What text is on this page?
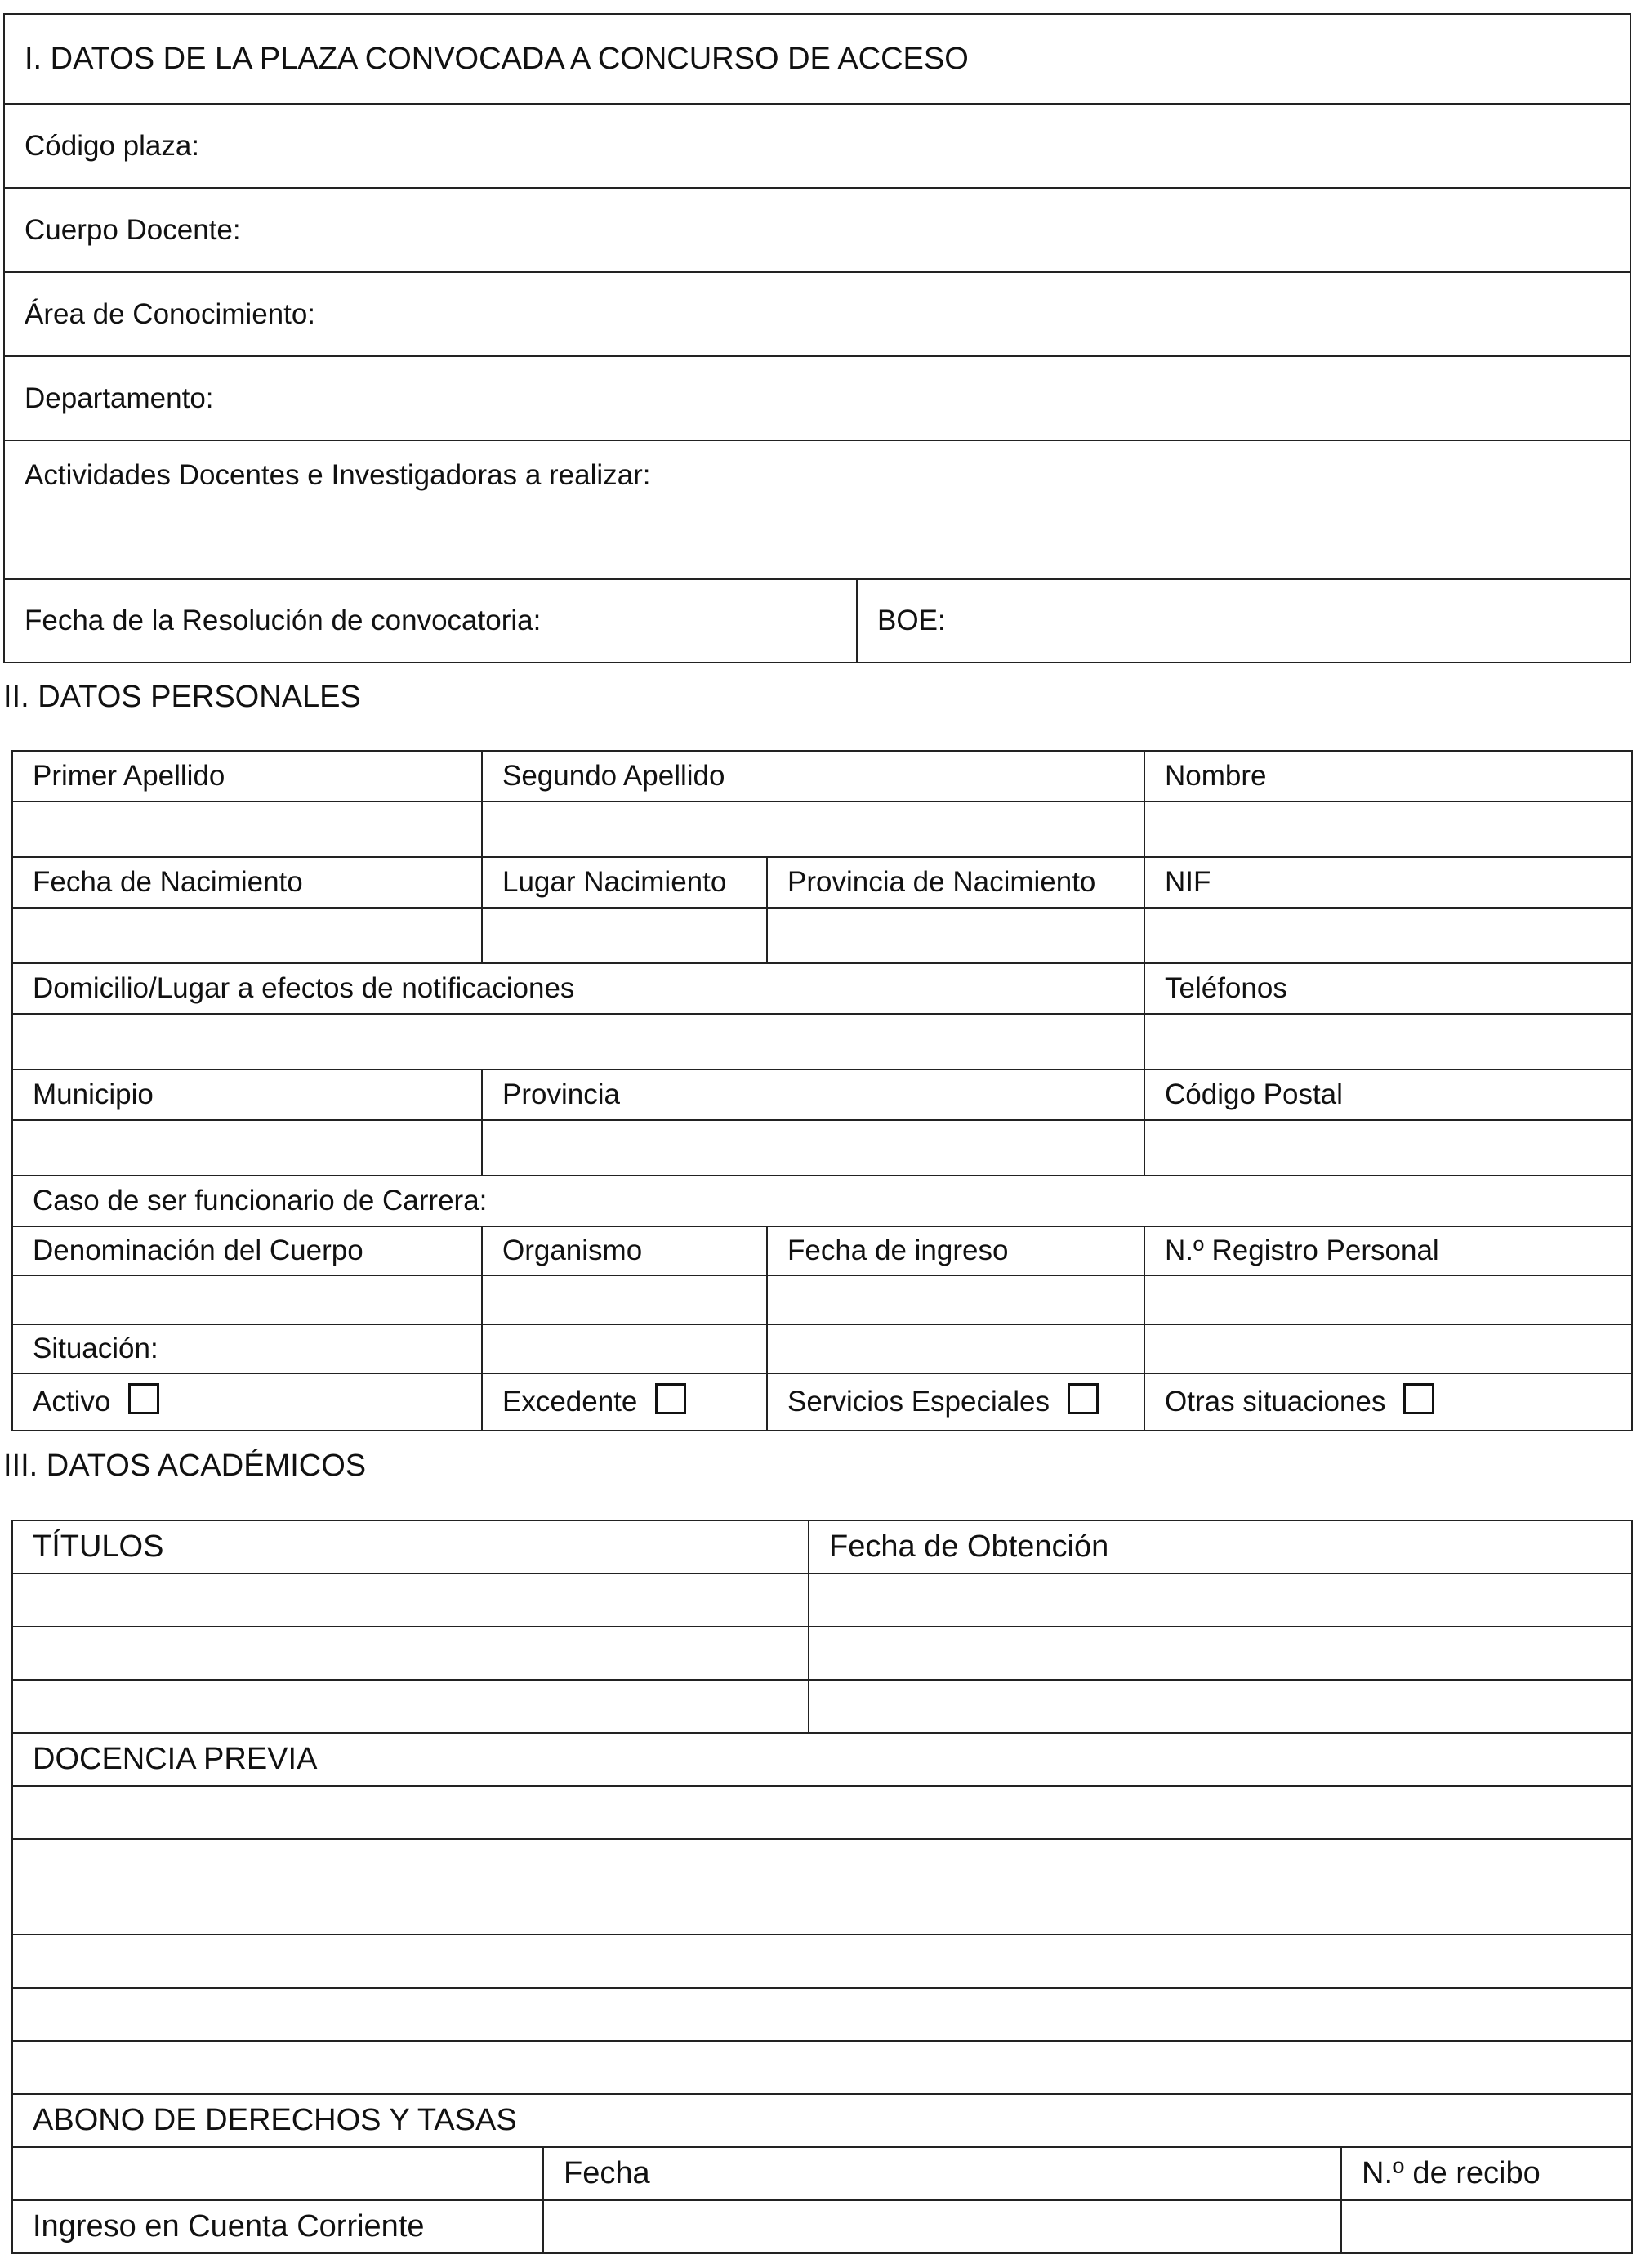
I. DATOS DE LA PLAZA CONVOCADA A CONCURSO DE ACCESO
Código plaza:
Cuerpo Docente:
Área de Conocimiento:
Departamento:
Actividades Docentes e Investigadoras a realizar:
Fecha de la Resolución de convocatoria:	BOE:
II. DATOS PERSONALES
Primer Apellido	Segundo Apellido		Nombre

Fecha de Nacimiento	Lugar Nacimiento	Provincia de Nacimiento	NIF

Domicilio/Lugar a efectos de notificaciones			Teléfonos

Municipio	Provincia		Código Postal

Caso de ser funcionario de Carrera:			
Denominación del Cuerpo	Organismo	Fecha de ingreso	N.º Registro Personal

Situación:			
Activo	Excedente	Servicios Especiales	Otras situaciones
III. DATOS ACADÉMICOS
TÍTULOS		Fecha de Obtención	

DOCENCIA PREVIA			

ABONO DE DERECHOS Y TASAS			
	Fecha		N.º de recibo
Ingreso en Cuenta Corriente			
